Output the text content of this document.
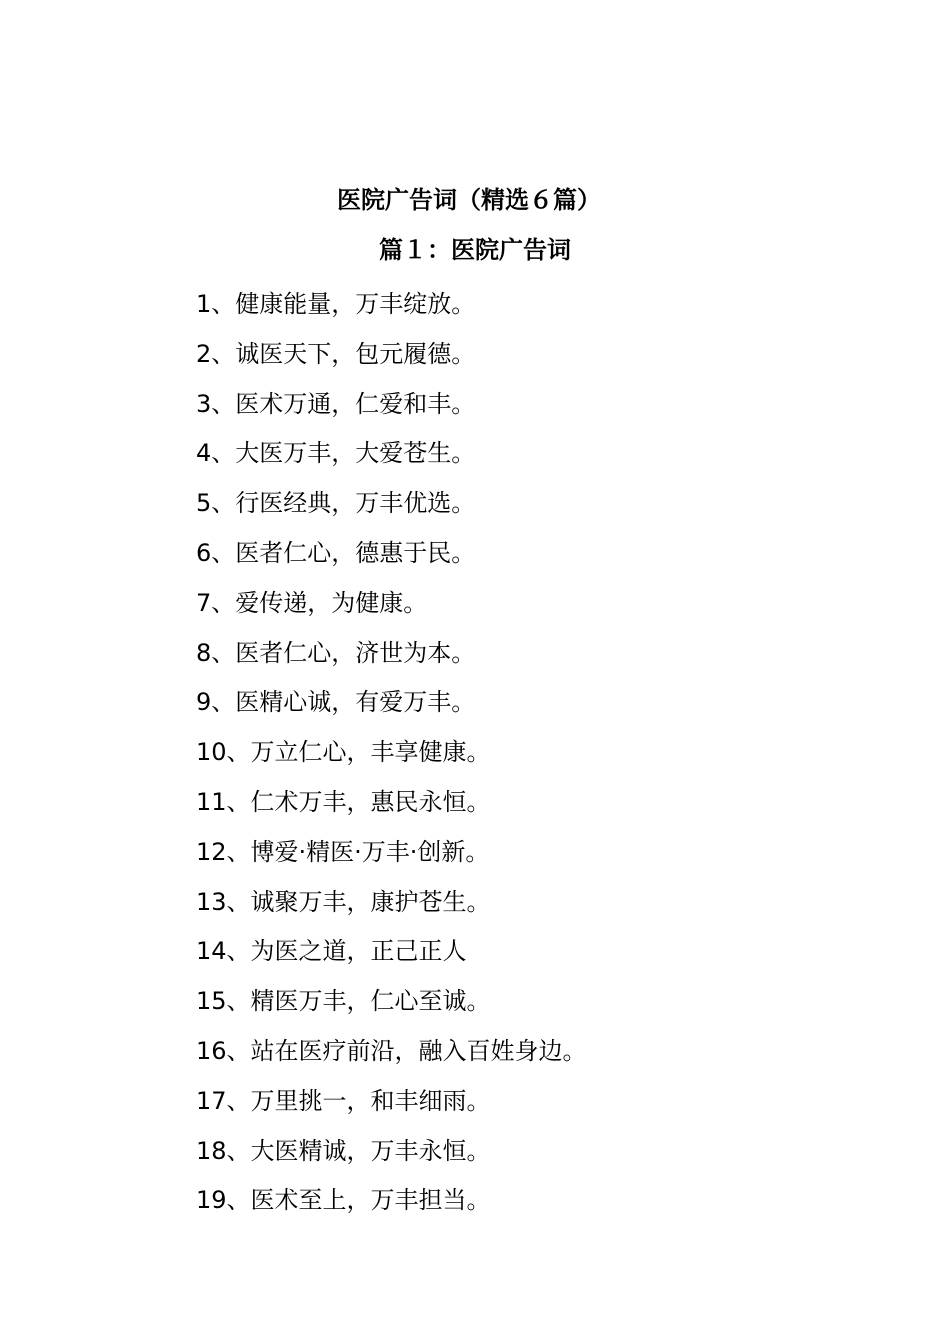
医院广告词（精选６篇）
篇１：医院广告词
1、健康能量，万丰绽放。
2、诚医天下，包元履德。
3、医术万通，仁爱和丰。
4、大医万丰，大爱苍生。
5、行医经典，万丰优选。
6、医者仁心，德惠于民。
7、爱传递，为健康。
8、医者仁心，济世为本。
9、医精心诚，有爱万丰。
10、万立仁心，丰享健康。
11、仁术万丰，惠民永恒。
12、博爱·精医·万丰·创新。
13、诚聚万丰，康护苍生。
14、为医之道，正己正人
15、精医万丰，仁心至诚。
16、站在医疗前沿，融入百姓身边。
17、万里挑一，和丰细雨。
18、大医精诚，万丰永恒。
19、医术至上，万丰担当。
